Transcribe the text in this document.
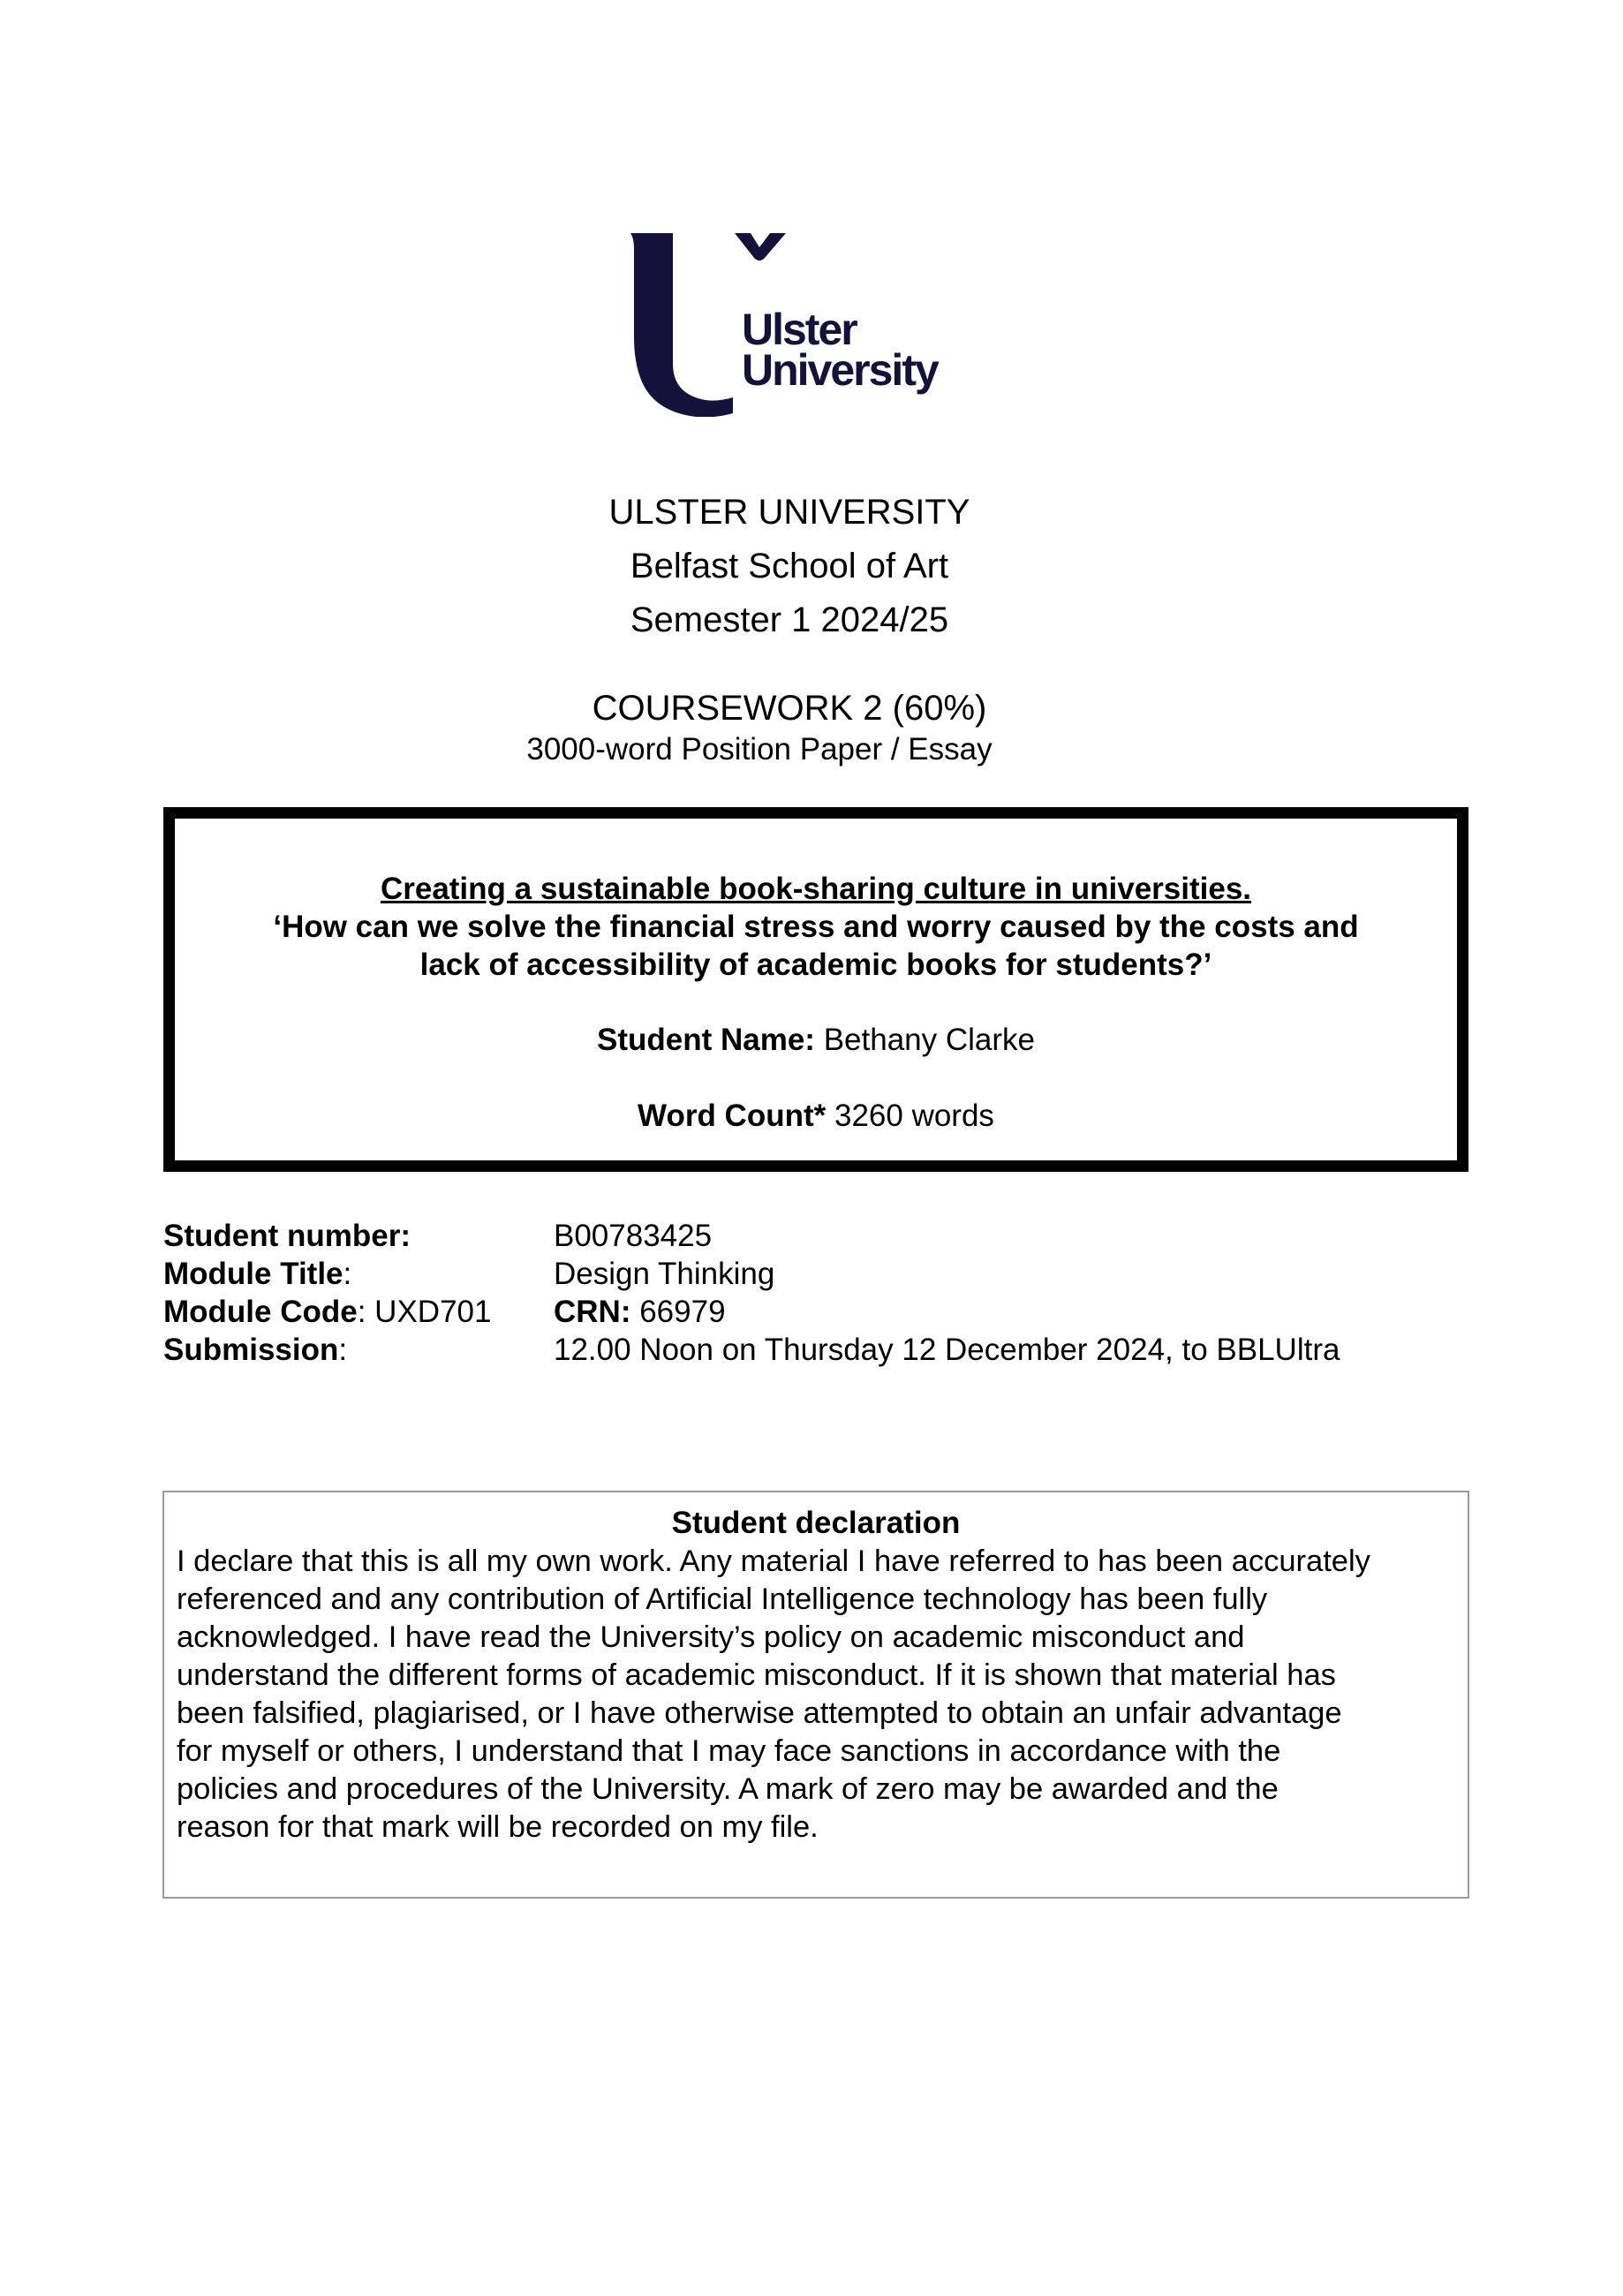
Ulster
University
ULSTER UNIVERSITY
Belfast School of Art
Semester 1 2024/25
COURSEWORK 2 (60%)
3000-word Position Paper / Essay
Creating a sustainable book-sharing culture in universities.
‘How can we solve the financial stress and worry caused by the costs and
lack of accessibility of academic books for students?’
Student Name: Bethany Clarke
Word Count* 3260 words
Student number:	B00783425
Module Title:	Design Thinking
Module Code: UXD701 CRN: 66979
Submission:	12.00 Noon on Thursday 12 December 2024, to BBLUltra
Student declaration
I declare that this is all my own work. Any material I have referred to has been accurately
referenced and any contribution of Artificial Intelligence technology has been fully
acknowledged. I have read the University’s policy on academic misconduct and
understand the different forms of academic misconduct. If it is shown that material has
been falsified, plagiarised, or I have otherwise attempted to obtain an unfair advantage
for myself or others, I understand that I may face sanctions in accordance with the
policies and procedures of the University. A mark of zero may be awarded and the
reason for that mark will be recorded on my file.
